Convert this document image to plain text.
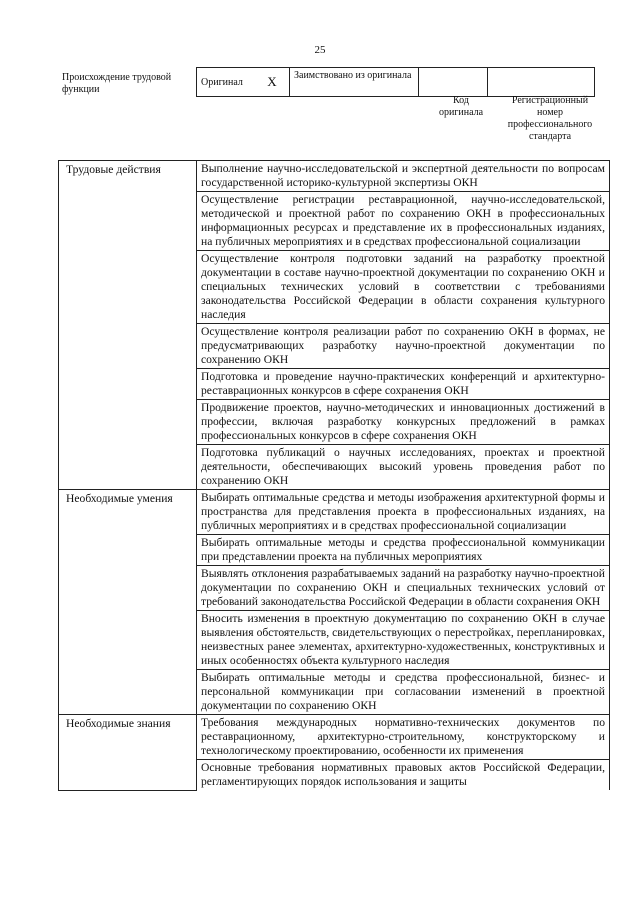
25
Происхождение трудовой функции
Оригинал	X	Заимствовано из оригинала		
Код оригинала
Регистрационный номер профессионального стандарта
Трудовые действия	Выполнение научно-исследовательской и экспертной деятельности по вопросам государственной историко-культурной экспертизы ОКН
	Осуществление регистрации реставрационной, научно-исследовательской, методической и проектной работ по сохранению ОКН в профессиональных информационных ресурсах и представление их в профессиональных изданиях, на публичных мероприятиях и в средствах профессиональной социализации
	Осуществление контроля подготовки заданий на разработку проектной документации в составе научно-проектной документации по сохранению ОКН и специальных технических условий в соответствии с требованиями законодательства Российской Федерации в области сохранения культурного наследия
	Осуществление контроля реализации работ по сохранению ОКН в формах, не предусматривающих разработку научно-проектной документации по сохранению ОКН
	Подготовка и проведение научно-практических конференций и архитектурно-реставрационных конкурсов в сфере сохранения ОКН
	Продвижение проектов, научно-методических и инновационных достижений в профессии, включая разработку конкурсных предложений в рамках профессиональных конкурсов в сфере сохранения ОКН
	Подготовка публикаций о научных исследованиях, проектах и проектной деятельности, обеспечивающих высокий уровень проведения работ по сохранению ОКН
Необходимые умения	Выбирать оптимальные средства и методы изображения архитектурной формы и пространства для представления проекта в профессиональных изданиях, на публичных мероприятиях и в средствах профессиональной социализации
	Выбирать оптимальные методы и средства профессиональной коммуникации при представлении проекта на публичных мероприятиях
	Выявлять отклонения разрабатываемых заданий на разработку научно-проектной документации по сохранению ОКН и специальных технических условий от требований законодательства Российской Федерации в области сохранения ОКН
	Вносить изменения в проектную документацию по сохранению ОКН в случае выявления обстоятельств, свидетельствующих о перестройках, перепланировках, неизвестных ранее элементах, архитектурно-художественных, конструктивных и иных особенностях объекта культурного наследия
	Выбирать оптимальные методы и средства профессиональной, бизнес- и персональной коммуникации при согласовании изменений в проектной документации по сохранению ОКН
Необходимые знания	Требования международных нормативно-технических документов по реставрационному, архитектурно-строительному, конструкторскому и технологическому проектированию, особенности их применения
	Основные требования нормативных правовых актов Российской Федерации, регламентирующих порядок использования и защиты
